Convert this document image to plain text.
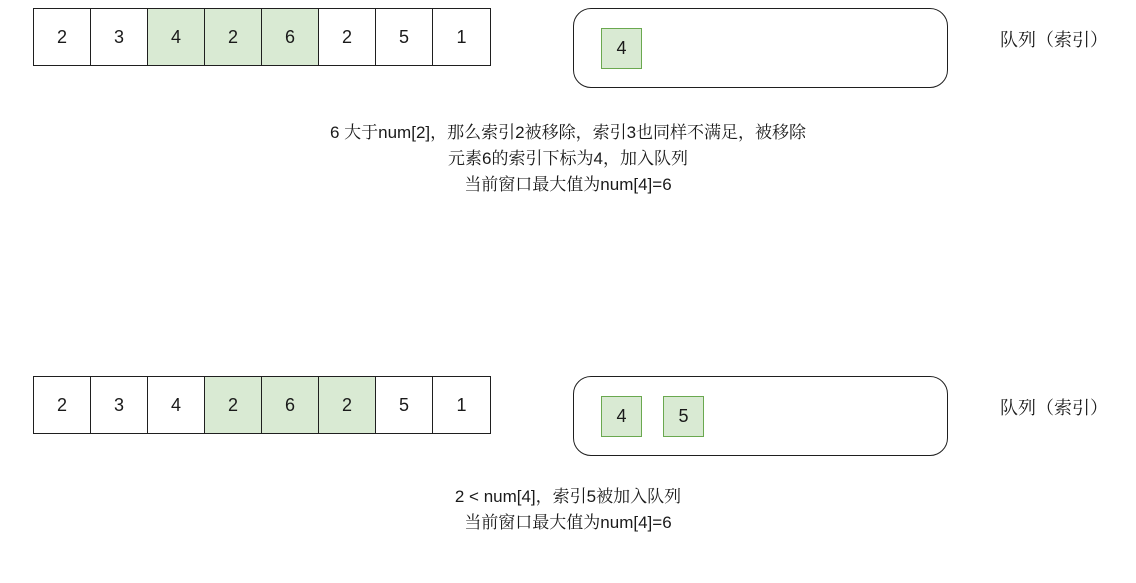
2	3	4	2	6	2	5	1
4	队列（索引）
6 大于num[2]，那么索引2被移除，索引3也同样不满足，被移除
元素6的索引下标为4，加入队列
当前窗口最大值为num[4]=6
2	3	4	2	6	2	5	1
4	5	队列（索引）
2 < num[4]，索引5被加入队列
当前窗口最大值为num[4]=6
